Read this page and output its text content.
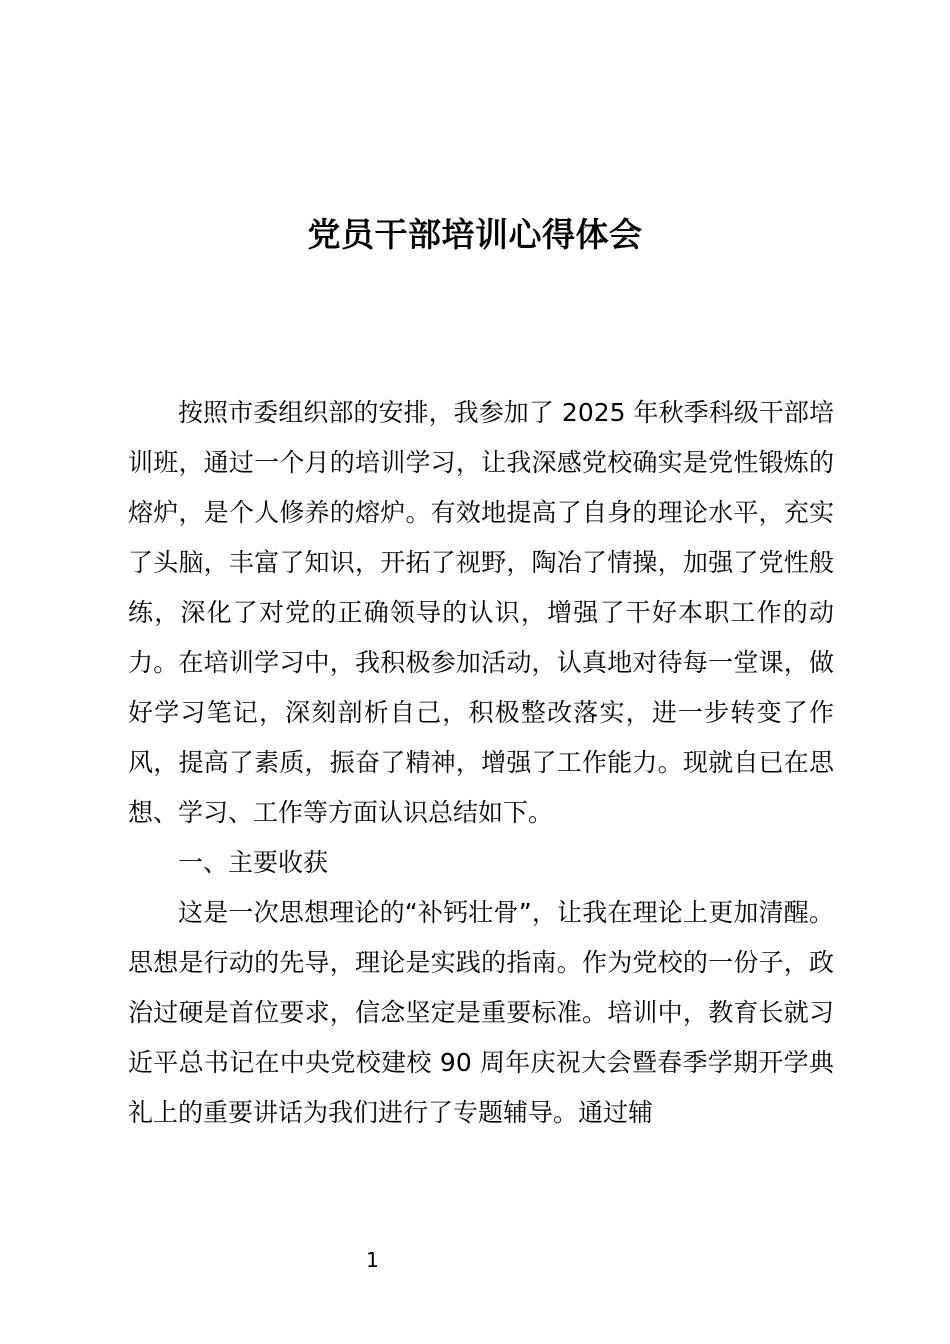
党员干部培训心得体会

按照市委组织部的安排，我参加了 2025 年秋季科级干部培训班，通过一个月的培训学习，让我深感党校确实是党性锻炼的熔炉，是个人修养的熔炉。有效地提高了自身的理论水平，充实了头脑，丰富了知识，开拓了视野，陶冶了情操，加强了党性般练，深化了对党的正确领导的认识，增强了干好本职工作的动力。在培训学习中，我积极参加活动，认真地对待每一堂课，做好学习笔记，深刻剖析自己，积极整改落实，进一步转变了作风，提高了素质，振奋了精神，增强了工作能力。现就自已在思想、学习、工作等方面认识总结如下。

一、主要收获

这是一次思想理论的“补钙壮骨”，让我在理论上更加清醒。思想是行动的先导，理论是实践的指南。作为党校的一份子，政治过硬是首位要求，信念坚定是重要标准。培训中，教育长就习近平总书记在中央党校建校 90 周年庆祝大会暨春季学期开学典礼上的重要讲话为我们进行了专题辅导。通过辅

1
